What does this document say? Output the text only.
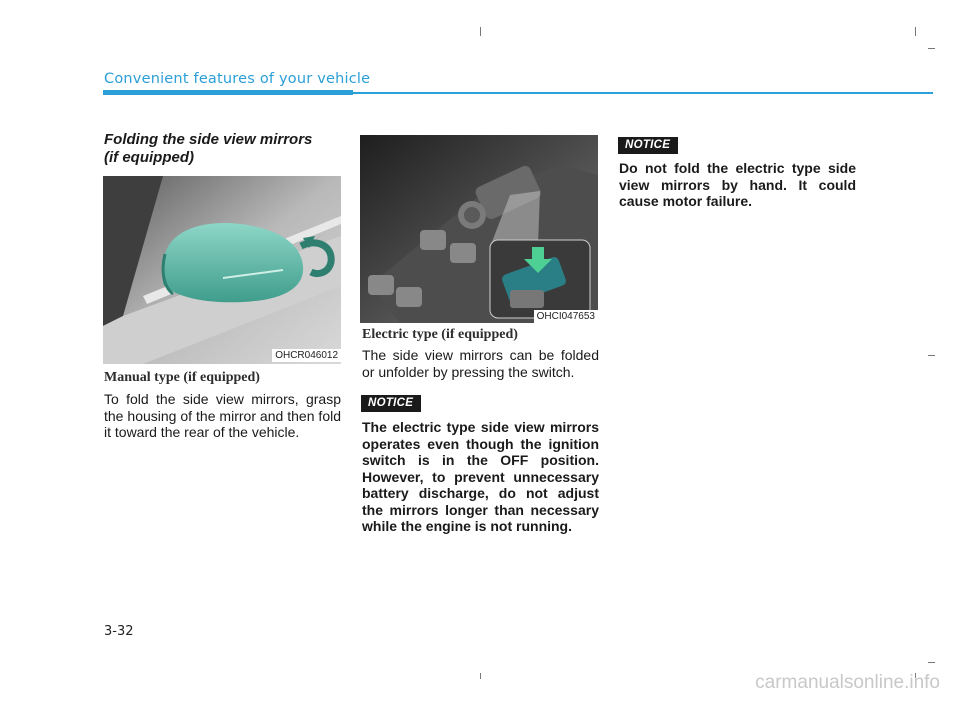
Convenient features of your vehicle
Folding the side view mirrors
(if equipped)
OHCR046012
Manual type (if equipped)
To fold the side view mirrors, grasp the housing of the mirror and then fold it toward the rear of the vehicle.
OHCI047653
Electric type (if equipped)
The side view mirrors can be folded or unfolder by pressing the switch.
NOTICE
The electric type side view mirrors operates even though the ignition switch is in the OFF position. However, to prevent unnecessary battery discharge, do not adjust the mirrors longer than necessary while the engine is not running.
NOTICE
Do not fold the electric type side view mirrors by hand. It could cause motor failure.
3-32
carmanualsonline.info
